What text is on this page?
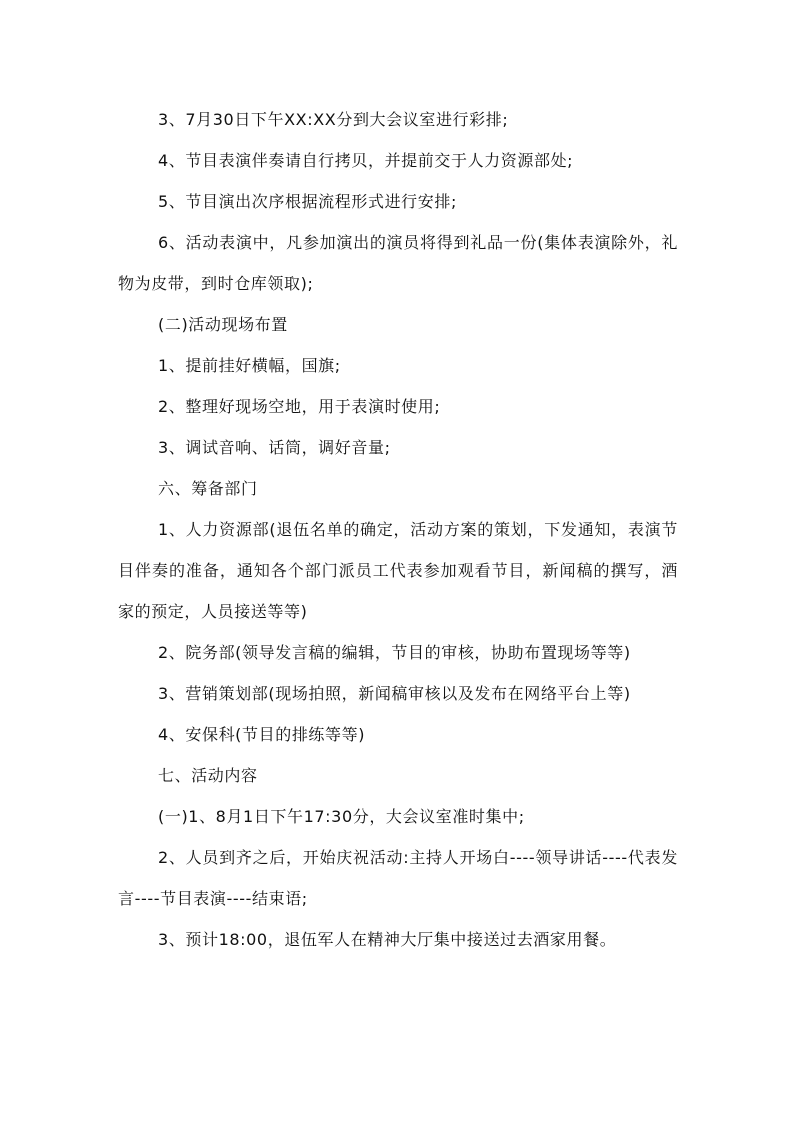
3、7月30日下午XX:XX分到大会议室进行彩排;

4、节目表演伴奏请自行拷贝，并提前交于人力资源部处;

5、节目演出次序根据流程形式进行安排;

6、活动表演中，凡参加演出的演员将得到礼品一份(集体表演除外，礼物为皮带，到时仓库领取);

(二)活动现场布置

1、提前挂好横幅，国旗;

2、整理好现场空地，用于表演时使用;

3、调试音响、话筒，调好音量;

六、筹备部门

1、人力资源部(退伍名单的确定，活动方案的策划，下发通知，表演节目伴奏的准备，通知各个部门派员工代表参加观看节目，新闻稿的撰写，酒家的预定，人员接送等等)

2、院务部(领导发言稿的编辑，节目的审核，协助布置现场等等)

3、营销策划部(现场拍照，新闻稿审核以及发布在网络平台上等)

4、安保科(节目的排练等等)

七、活动内容

(一)1、8月1日下午17:30分，大会议室准时集中;

2、人员到齐之后，开始庆祝活动:主持人开场白----领导讲话----代表发言----节目表演----结束语;

3、预计18:00，退伍军人在精神大厅集中接送过去酒家用餐。
